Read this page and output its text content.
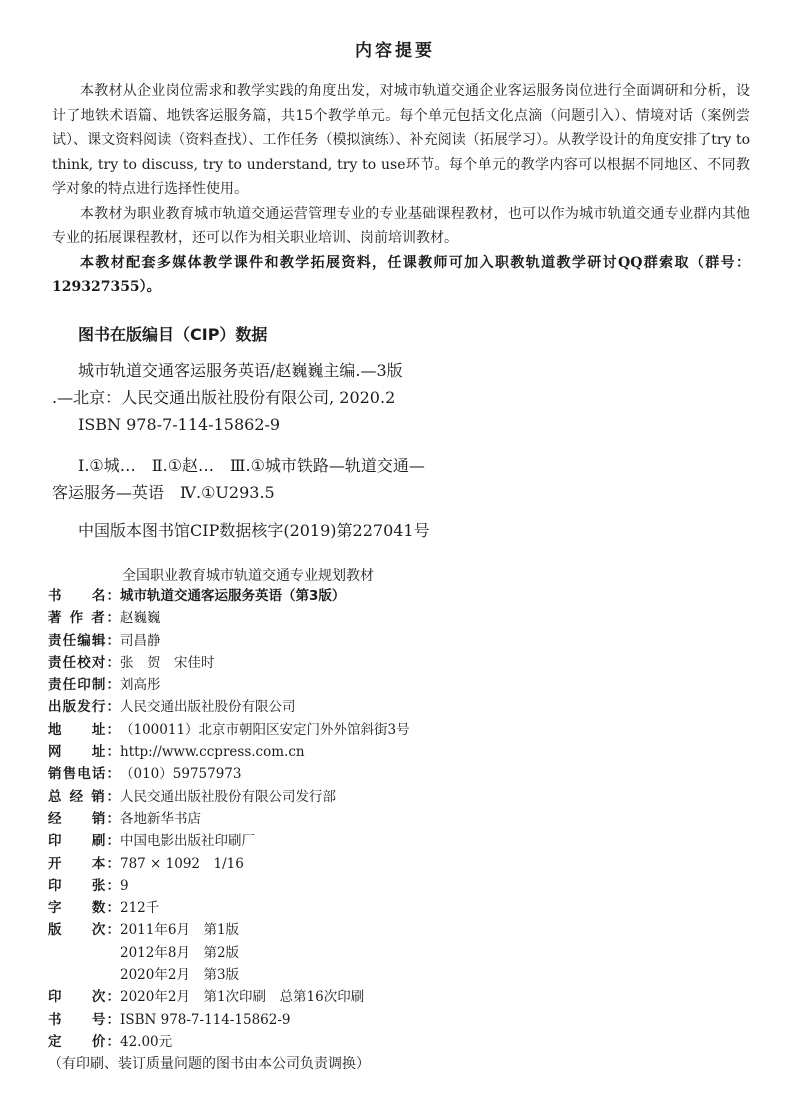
内容提要

本教材从企业岗位需求和教学实践的角度出发，对城市轨道交通企业客运服务岗位进行全面调研和分析，设计了地铁术语篇、地铁客运服务篇，共15个教学单元。每个单元包括文化点滴（问题引入）、情境对话（案例尝试）、课文资料阅读（资料查找）、工作任务（模拟演练）、补充阅读（拓展学习）。从教学设计的角度安排了try to think, try to discuss, try to understand, try to use环节。每个单元的教学内容可以根据不同地区、不同教学对象的特点进行选择性使用。

本教材为职业教育城市轨道交通运营管理专业的专业基础课程教材，也可以作为城市轨道交通专业群内其他专业的拓展课程教材，还可以作为相关职业培训、岗前培训教材。

本教材配套多媒体教学课件和教学拓展资料，任课教师可加入职教轨道教学研讨QQ群索取（群号：129327355）。

图书在版编目（CIP）数据
城市轨道交通客运服务英语/赵巍巍主编.—3版
.—北京：人民交通出版社股份有限公司, 2020.2
ISBN 978-7-114-15862-9
Ⅰ.①城…　Ⅱ.①赵…　Ⅲ.①城市铁路—轨道交通—
客运服务—英语　Ⅳ.①U293.5
中国版本图书馆CIP数据核字(2019)第227041号
全国职业教育城市轨道交通专业规划教材
书　　名： 城市轨道交通客运服务英语（第3版）
著 作 者： 赵巍巍
责任编辑： 司昌静
责任校对： 张　贺　宋佳时
责任印制： 刘高彤
出版发行： 人民交通出版社股份有限公司
地　　址： （100011）北京市朝阳区安定门外外馆斜街3号
网　　址： http://www.ccpress.com.cn
销售电话： （010）59757973
总 经 销： 人民交通出版社股份有限公司发行部
经　　销： 各地新华书店
印　　刷： 中国电影出版社印刷厂
开　　本： 787 × 1092　1/16
印　　张： 9
字　　数： 212千
版　　次： 2011年6月　第1版
2012年8月　第2版
2020年2月　第3版
印　　次： 2020年2月　第1次印刷　总第16次印刷
书　　号： ISBN 978-7-114-15862-9
定　　价： 42.00元
（有印刷、装订质量问题的图书由本公司负责调换）
